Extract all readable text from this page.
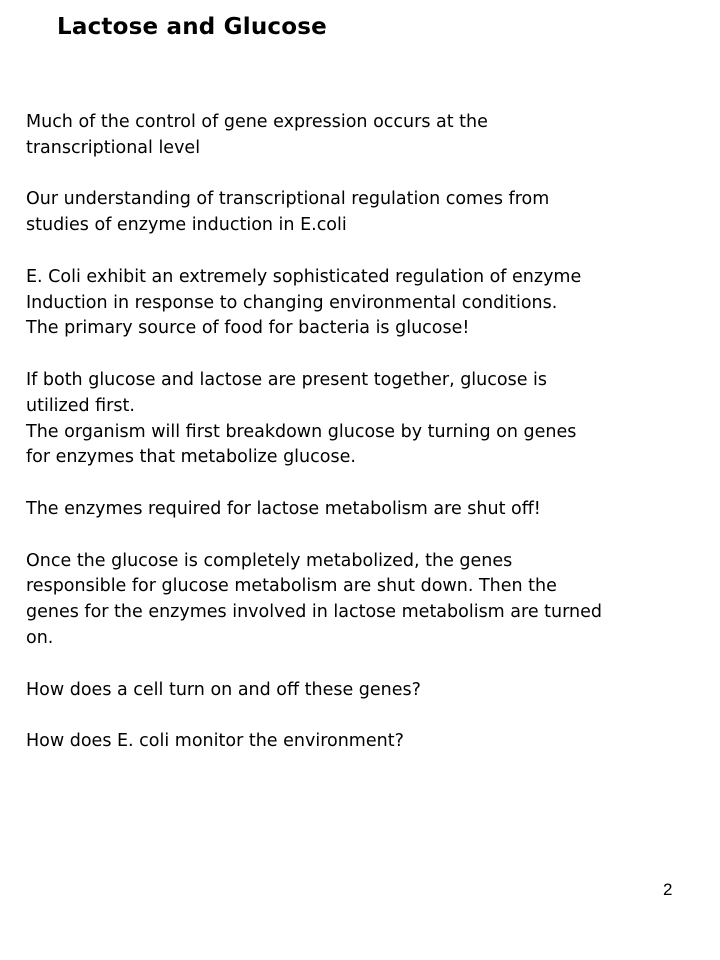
Lactose and Glucose
Much of the control of gene expression occurs at the
transcriptional level
Our understanding of transcriptional regulation comes from
studies of enzyme induction in E.coli
E. Coli exhibit an extremely sophisticated regulation of enzyme
Induction in response to changing environmental conditions.
The primary source of food for bacteria is glucose!
If both glucose and lactose are present together, glucose is
utilized first.
The organism will first breakdown glucose by turning on genes
for enzymes that metabolize glucose.
The enzymes required for lactose metabolism are shut off!
Once the glucose is completely metabolized, the genes
responsible for glucose metabolism are shut down. Then the
genes for the enzymes involved in lactose metabolism are turned
on.
How does a cell turn on and off these genes?
How does E. coli monitor the environment?
2
